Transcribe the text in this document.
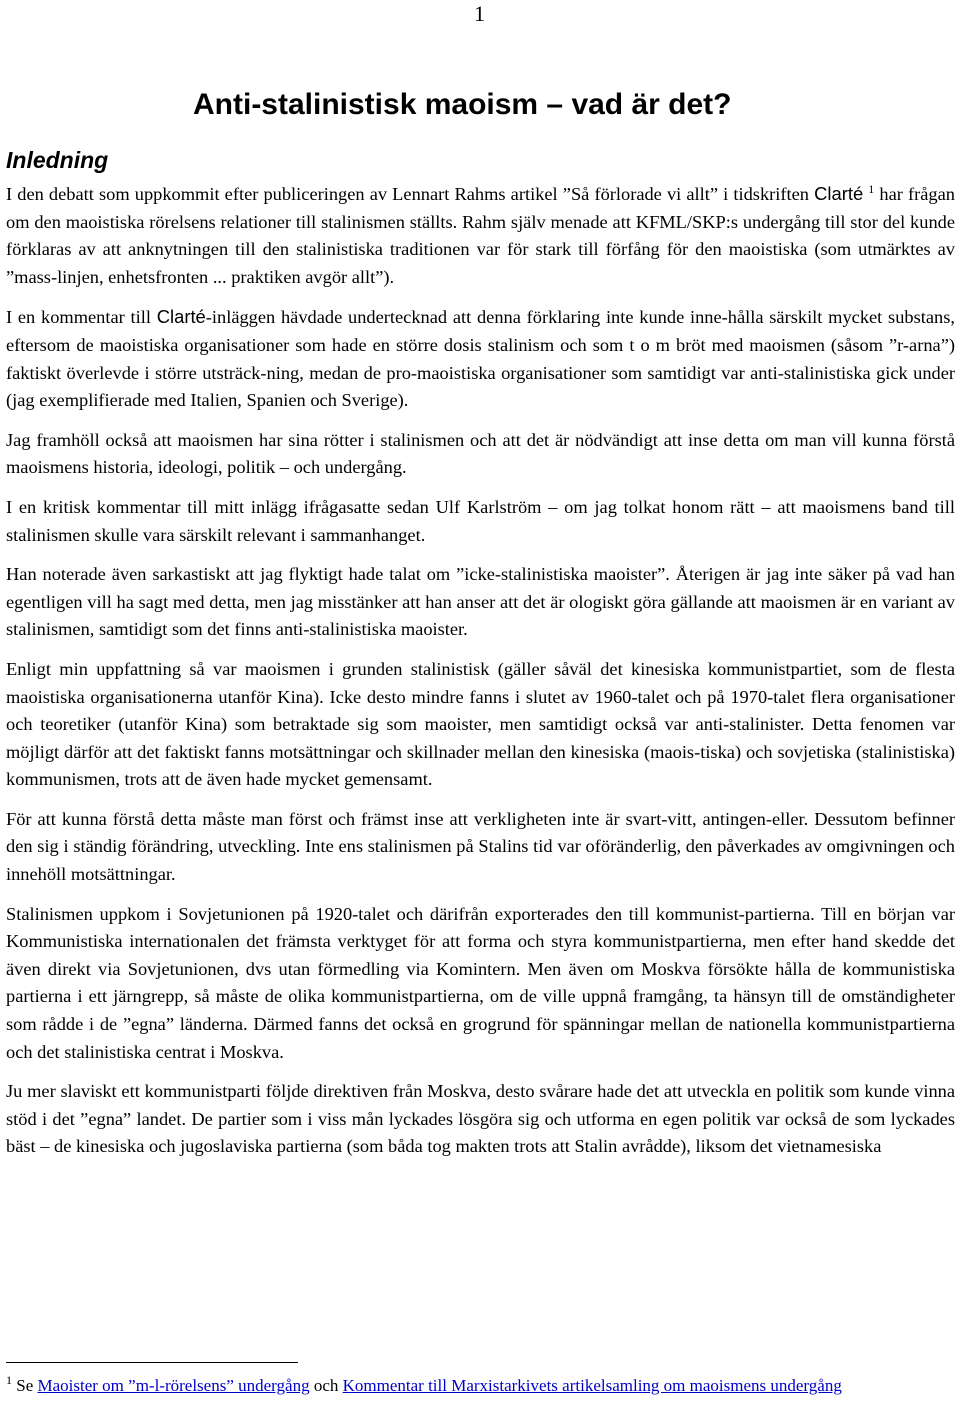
1
Anti-stalinistisk maoism – vad är det?
Inledning

I den debatt som uppkommit efter publiceringen av Lennart Rahms artikel ”Så förlorade vi allt” i tidskriften Clarté $^1$ har frågan om den maoistiska rörelsens relationer till stalinismen ställts. Rahm själv menade att KFML/SKP:s undergång till stor del kunde förklaras av att anknytningen till den stalinistiska traditionen var för stark till förfång för den maoistiska (som utmärktes av ”mass-linjen, enhetsfronten ... praktiken avgör allt”).

I en kommentar till Clarté-inläggen hävdade undertecknad att denna förklaring inte kunde inne-hålla särskilt mycket substans, eftersom de maoistiska organisationer som hade en större dosis stalinism och som t o m bröt med maoismen (såsom ”r-arna”) faktiskt överlevde i större utsträck-ning, medan de pro-maoistiska organisationer som samtidigt var anti-stalinistiska gick under (jag exemplifierade med Italien, Spanien och Sverige).

Jag framhöll också att maoismen har sina rötter i stalinismen och att det är nödvändigt att inse detta om man vill kunna förstå maoismens historia, ideologi, politik – och undergång.

I en kritisk kommentar till mitt inlägg ifrågasatte sedan Ulf Karlström – om jag tolkat honom rätt – att maoismens band till stalinismen skulle vara särskilt relevant i sammanhanget.

Han noterade även sarkastiskt att jag flyktigt hade talat om ”icke-stalinistiska maoister”. Återigen är jag inte säker på vad han egentligen vill ha sagt med detta, men jag misstänker att han anser att det är ologiskt göra gällande att maoismen är en variant av stalinismen, samtidigt som det finns anti-stalinistiska maoister.

Enligt min uppfattning så var maoismen i grunden stalinistisk (gäller såväl det kinesiska kommunistpartiet, som de flesta maoistiska organisationerna utanför Kina). Icke desto mindre fanns i slutet av 1960-talet och på 1970-talet flera organisationer och teoretiker (utanför Kina) som betraktade sig som maoister, men samtidigt också var anti-stalinister. Detta fenomen var möjligt därför att det faktiskt fanns motsättningar och skillnader mellan den kinesiska (maois-tiska) och sovjetiska (stalinistiska) kommunismen, trots att de även hade mycket gemensamt.

För att kunna förstå detta måste man först och främst inse att verkligheten inte är svart-vitt, antingen-eller. Dessutom befinner den sig i ständig förändring, utveckling. Inte ens stalinismen på Stalins tid var oföränderlig, den påverkades av omgivningen och innehöll motsättningar.

Stalinismen uppkom i Sovjetunionen på 1920-talet och därifrån exporterades den till kommunist-partierna. Till en början var Kommunistiska internationalen det främsta verktyget för att forma och styra kommunistpartierna, men efter hand skedde det även direkt via Sovjetunionen, dvs utan förmedling via Komintern. Men även om Moskva försökte hålla de kommunistiska partierna i ett järngrepp, så måste de olika kommunistpartierna, om de ville uppnå framgång, ta hänsyn till de omständigheter som rådde i de ”egna” länderna. Därmed fanns det också en grogrund för spänningar mellan de nationella kommunistpartierna och det stalinistiska centrat i Moskva.

Ju mer slaviskt ett kommunistparti följde direktiven från Moskva, desto svårare hade det att utveckla en politik som kunde vinna stöd i det ”egna” landet. De partier som i viss mån lyckades lösgöra sig och utforma en egen politik var också de som lyckades bäst – de kinesiska och jugoslaviska partierna (som båda tog makten trots att Stalin avrådde), liksom det vietnamesiska

$^1$ Se Maoister om ”m-l-rörelsens” undergång och Kommentar till Marxistarkivets artikelsamling om maoismens undergång
